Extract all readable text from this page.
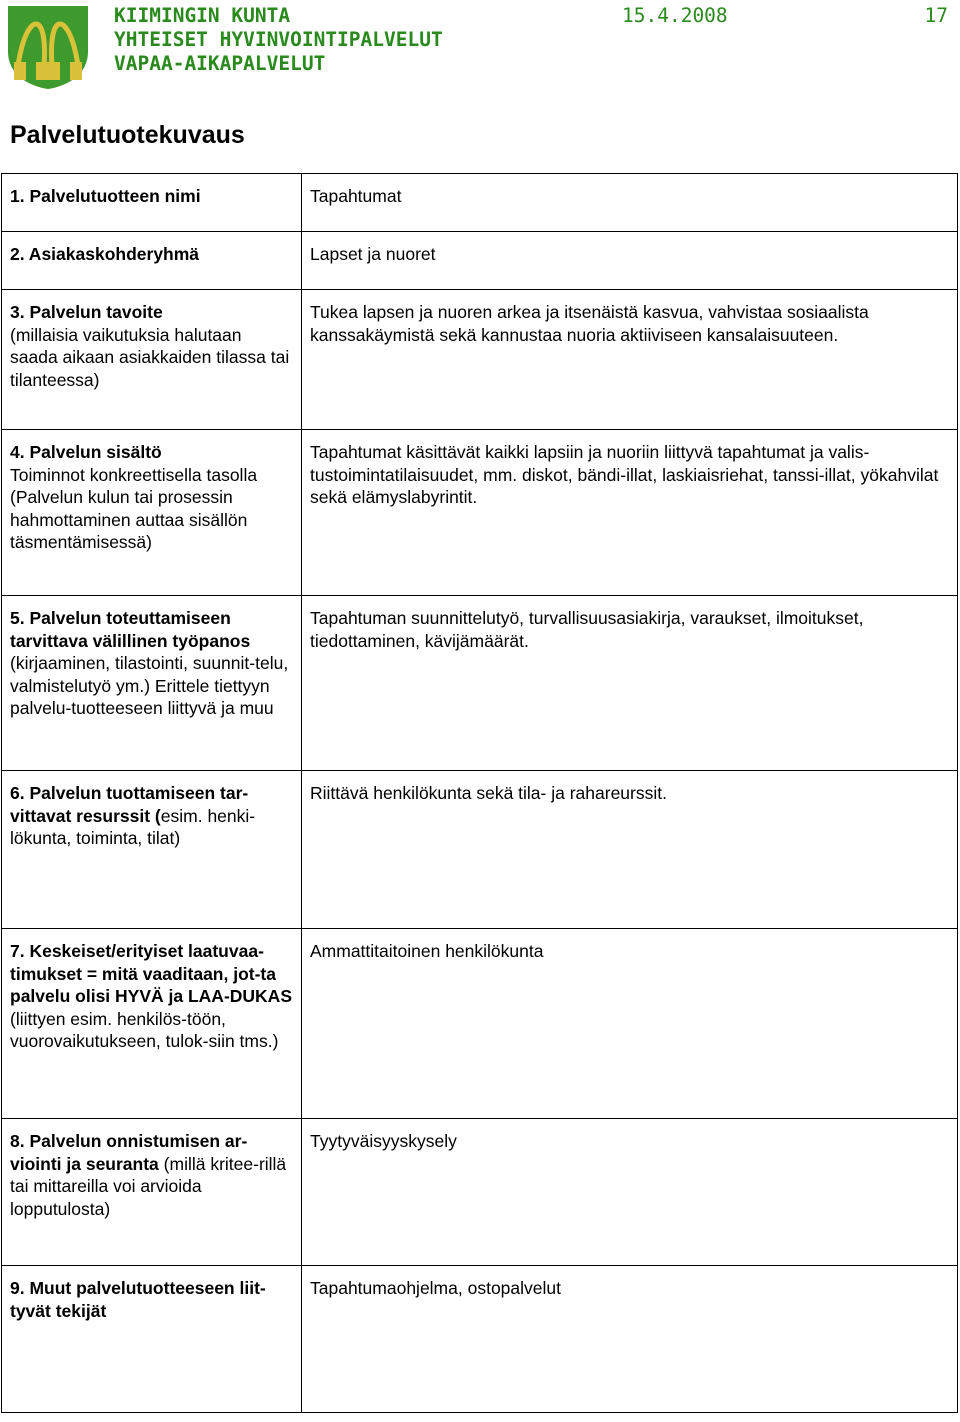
KIIMINGIN KUNTA
YHTEISET HYVINVOINTIPALVELUT
VAPAA-AIKAPALVELUT
15.4.2008	17
Palvelutuotekuvaus
1. Palvelutuotteen nimi	Tapahtumat
2. Asiakaskohderyhmä	Lapset ja nuoret
3. Palvelun tavoite
(millaisia vaikutuksia halutaan saada aikaan asiakkaiden tilassa tai tilanteessa)	Tukea lapsen ja nuoren arkea ja itsenäistä kasvua, vahvistaa sosiaalista kanssakäymistä sekä kannustaa nuoria aktiiviseen kansalaisuuteen.
4. Palvelun sisältö
Toiminnot konkreettisella tasolla (Palvelun kulun tai prosessin hahmottaminen auttaa sisällön täsmentämisessä)	Tapahtumat käsittävät kaikki lapsiin ja nuoriin liittyvä tapahtumat ja valis-tustoimintatilaisuudet, mm. diskot, bändi-illat, laskiaisriehat, tanssi-illat, yökahvilat sekä elämyslabyrintit.
5. Palvelun toteuttamiseen tarvittava välillinen työpanos (kirjaaminen, tilastointi, suunnit-telu, valmistelutyö ym.) Erittele tiettyyn palvelu-tuotteeseen liittyvä ja muu	Tapahtuman suunnittelutyö, turvallisuusasiakirja, varaukset, ilmoitukset, tiedottaminen, kävijämäärät.
6. Palvelun tuottamiseen tar-vittavat resurssit (esim. henki-lökunta, toiminta, tilat)	Riittävä henkilökunta sekä tila- ja rahareurssit.
7. Keskeiset/erityiset laatuvaa-timukset = mitä vaaditaan, jot-ta palvelu olisi HYVÄ ja LAA-DUKAS (liittyen esim. henkilös-töön, vuorovaikutukseen, tulok-siin tms.)	Ammattitaitoinen henkilökunta
8. Palvelun onnistumisen ar-viointi ja seuranta (millä kritee-rillä tai mittareilla voi arvioida lopputulosta)	Tyytyväisyyskysely
9. Muut palvelutuotteeseen liit-tyvät tekijät	Tapahtumaohjelma, ostopalvelut
